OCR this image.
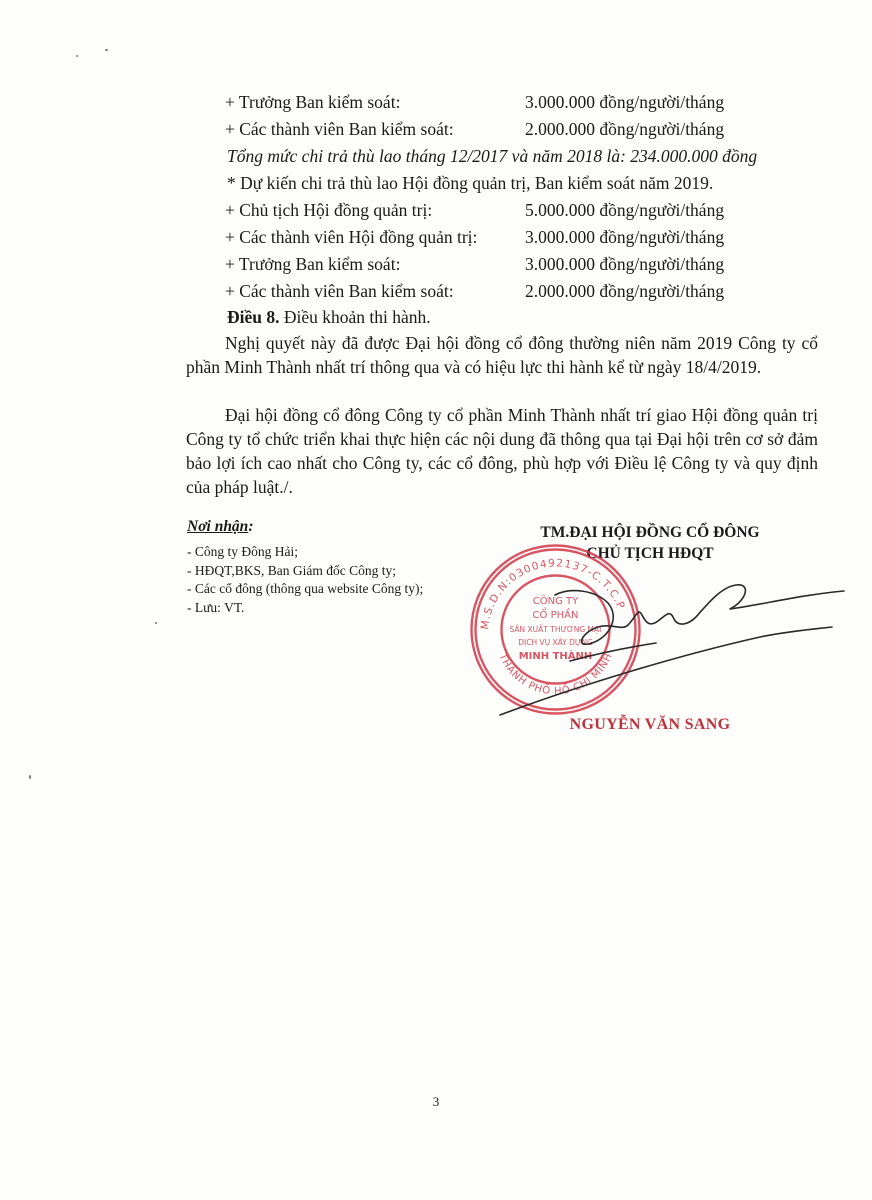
+ Trưởng Ban kiểm soát:	3.000.000 đồng/người/tháng
+ Các thành viên Ban kiểm soát:	2.000.000 đồng/người/tháng
Tổng mức chi trả thù lao tháng 12/2017 và năm 2018 là: 234.000.000 đồng
* Dự kiến chi trả thù lao Hội đồng quản trị, Ban kiểm soát năm 2019.
+ Chủ tịch Hội đồng quản trị:	5.000.000 đồng/người/tháng
+ Các thành viên Hội đồng quản trị:	3.000.000 đồng/người/tháng
+ Trưởng Ban kiểm soát:	3.000.000 đồng/người/tháng
+ Các thành viên Ban kiểm soát:	2.000.000 đồng/người/tháng
Điều 8. Điều khoản thi hành.
Nghị quyết này đã được Đại hội đồng cổ đông thường niên năm 2019 Công ty cổ phần Minh Thành nhất trí thông qua và có hiệu lực thi hành kể từ ngày 18/4/2019.
Đại hội đồng cổ đông Công ty cổ phần Minh Thành nhất trí giao Hội đồng quản trị Công ty tổ chức triển khai thực hiện các nội dung đã thông qua tại Đại hội trên cơ sở đảm bảo lợi ích cao nhất cho Công ty, các cổ đông, phù hợp với Điều lệ Công ty và quy định của pháp luật./.
Nơi nhận:
- Công ty Đông Hải;
- HĐQT,BKS, Ban Giám đốc Công ty;
- Các cổ đông (thông qua website Công ty);
- Lưu: VT.
TM.ĐẠI HỘI ĐỒNG CỔ ĐÔNG
CHỦ TỊCH HĐQT
M.S.D.N:0300492137-C.T.C.P
THÀNH PHỐ HỒ CHÍ MINH
CÔNG TY
CỔ PHẦN
SẢN XUẤT THƯƠNG MẠI
DỊCH VỤ XÂY DỰNG
MINH THÀNH
NGUYỄN VĂN SANG
3
